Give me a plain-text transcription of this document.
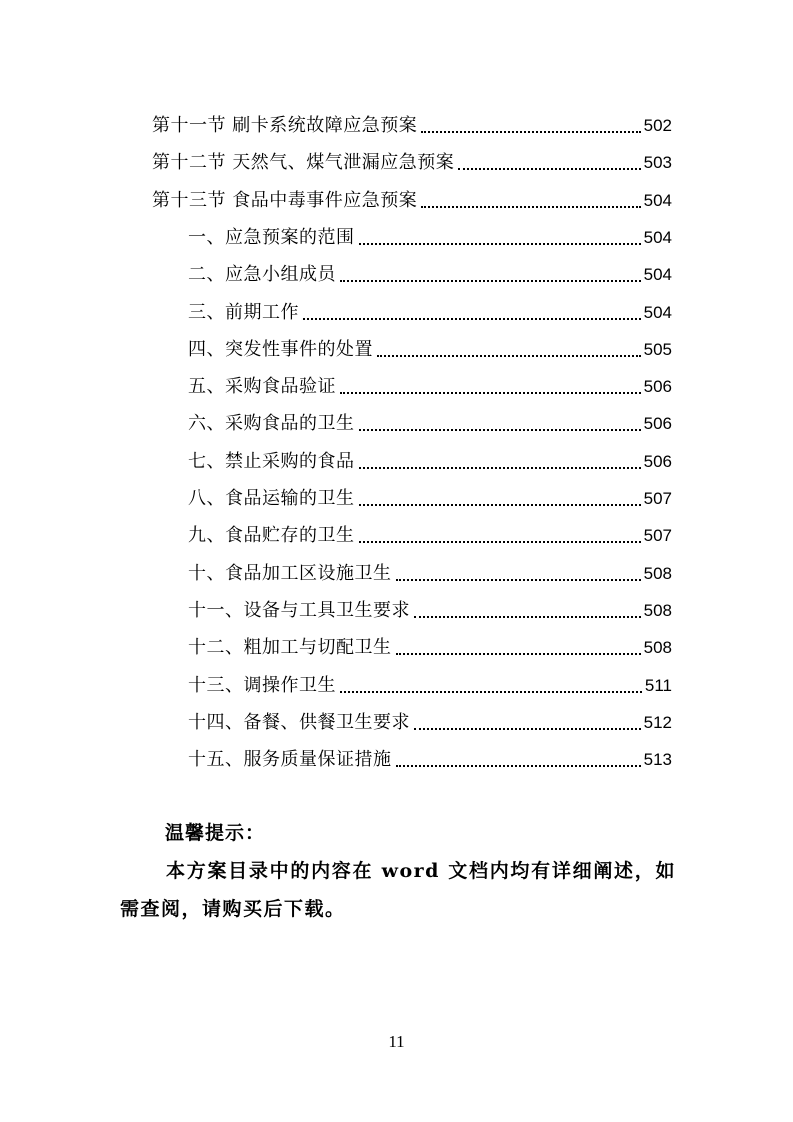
第十一节 刷卡系统故障应急预案	502
第十二节 天然气、煤气泄漏应急预案	503
第十三节 食品中毒事件应急预案	504
一、应急预案的范围	504
二、应急小组成员	504
三、前期工作	504
四、突发性事件的处置	505
五、采购食品验证	506
六、采购食品的卫生	506
七、禁止采购的食品	506
八、食品运输的卫生	507
九、食品贮存的卫生	507
十、食品加工区设施卫生	508
十一、设备与工具卫生要求	508
十二、粗加工与切配卫生	508
十三、调操作卫生	511
十四、备餐、供餐卫生要求	512
十五、服务质量保证措施	513
温馨提示：
本方案目录中的内容在 word 文档内均有详细阐述，如需查阅，请购买后下载。
11
